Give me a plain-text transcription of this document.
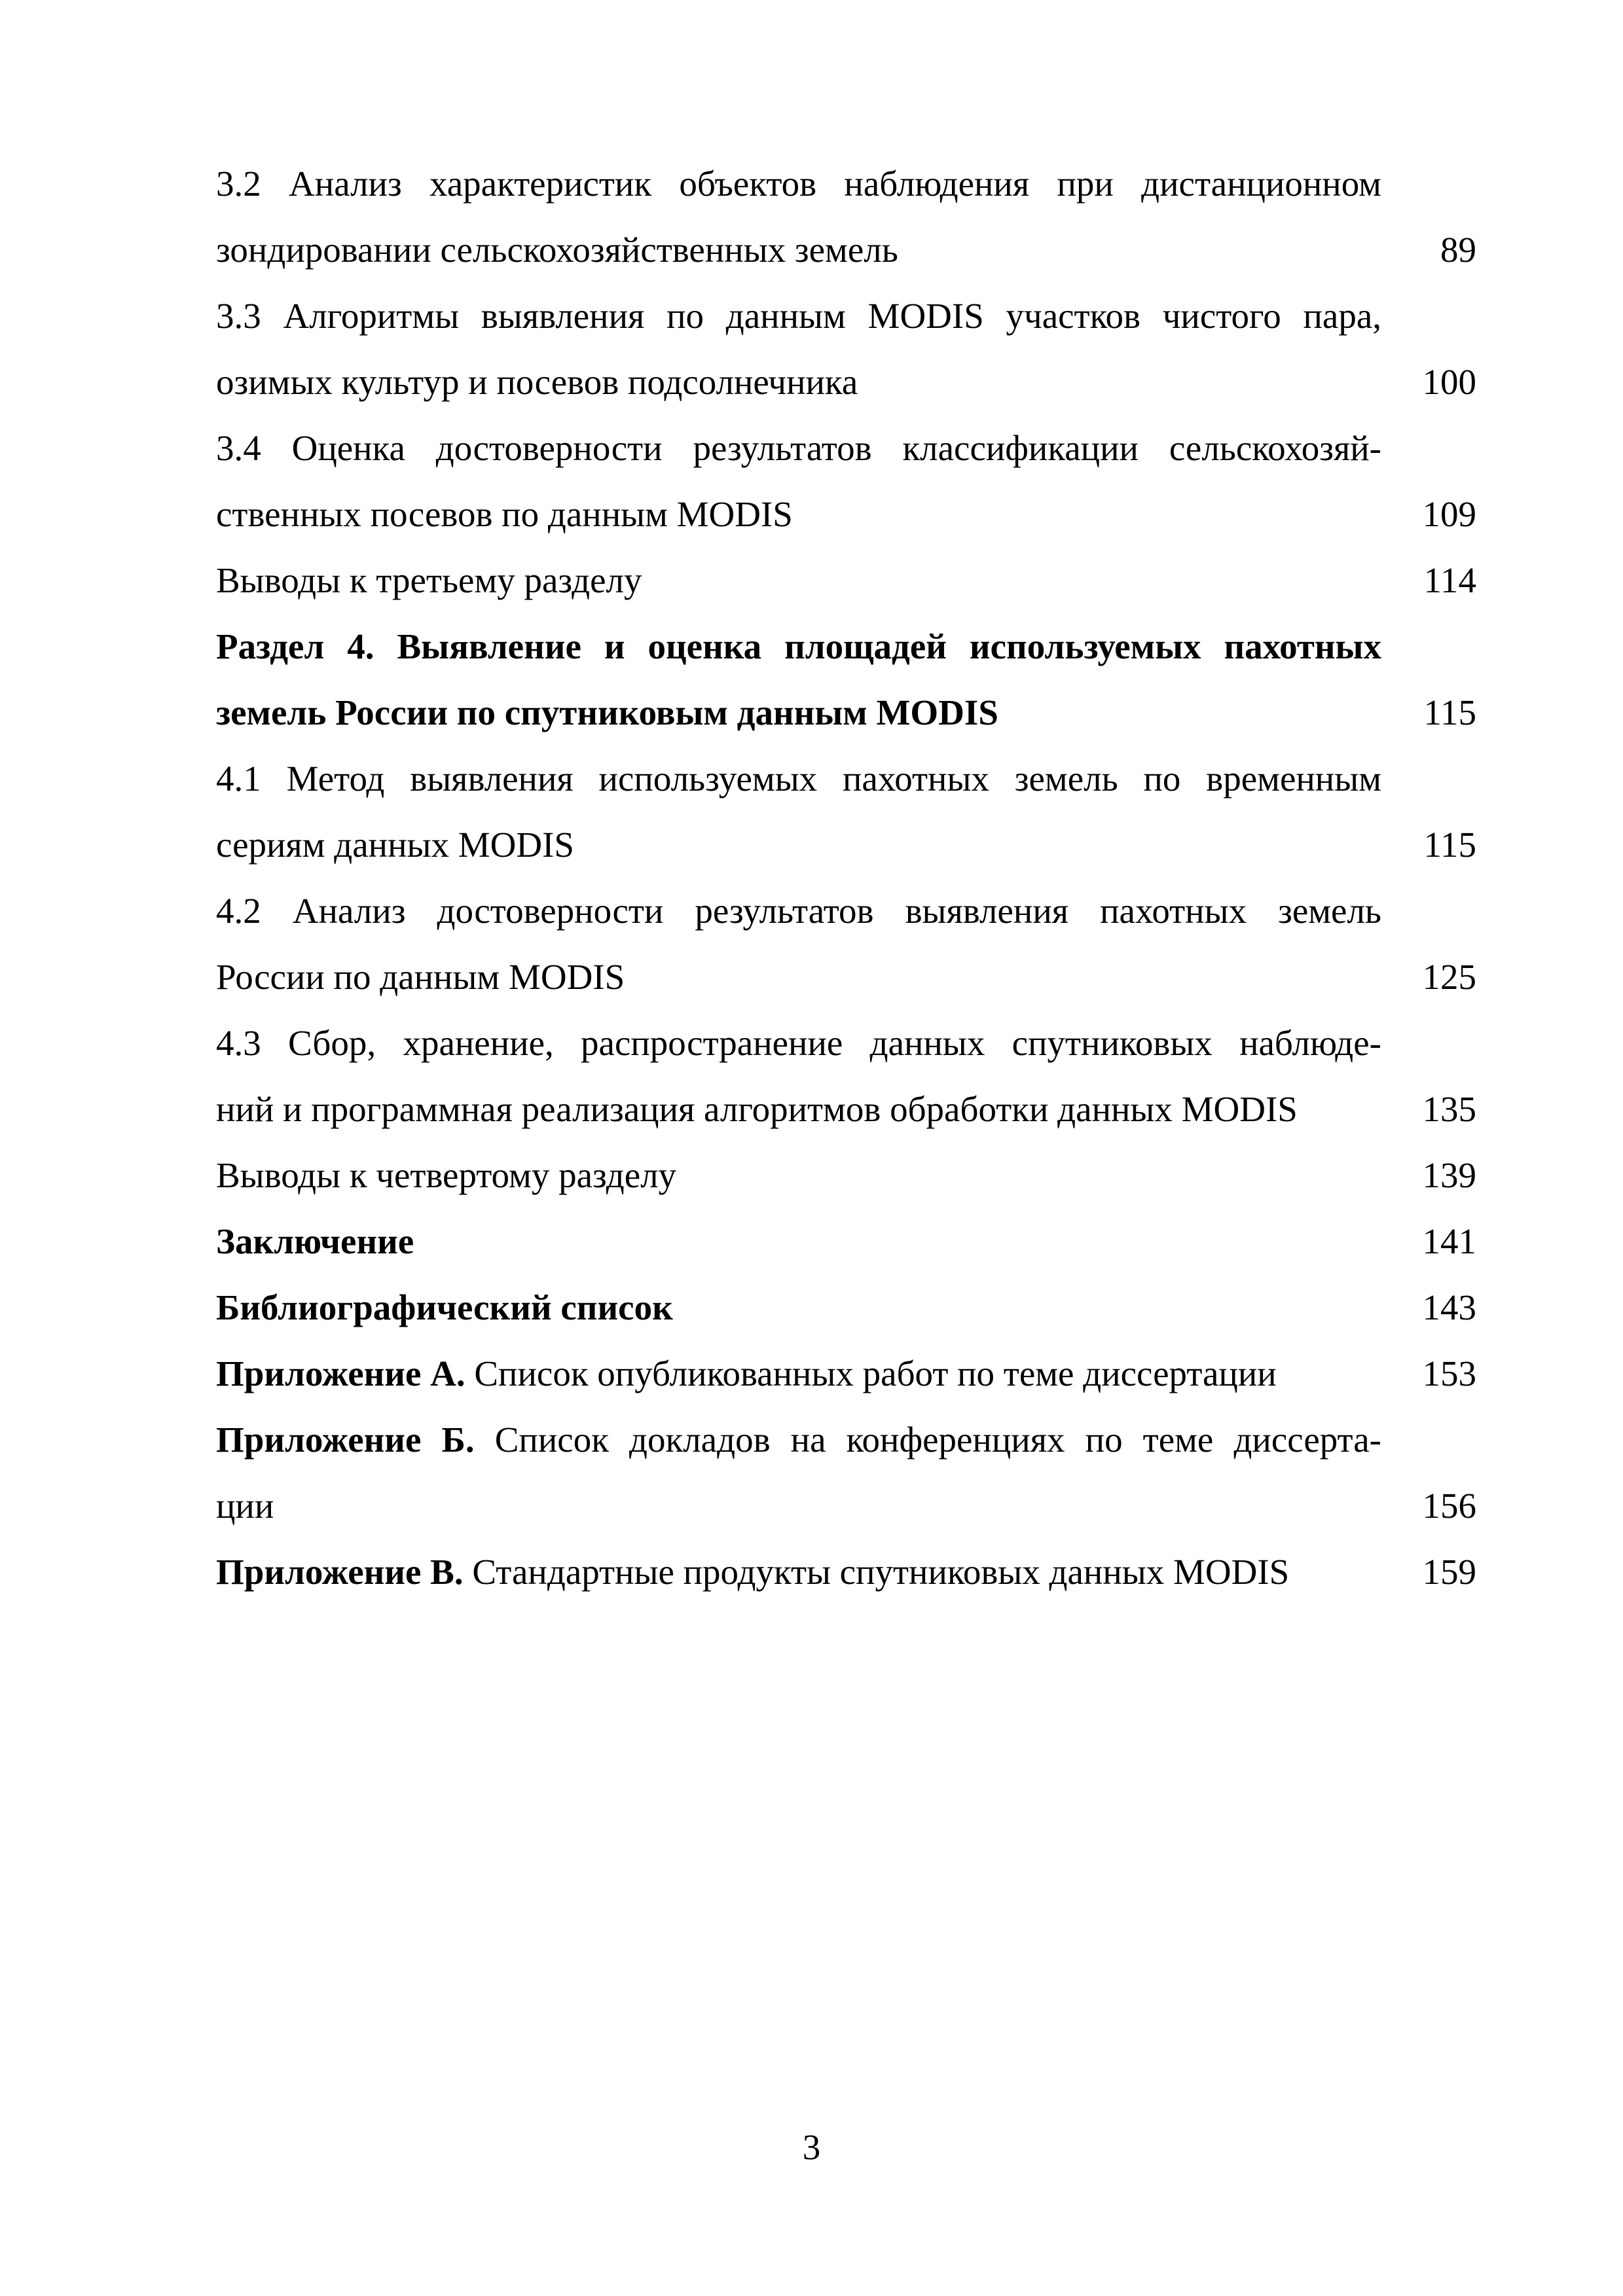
3.2 Анализ характеристик объектов наблюдения при дистанционном
зондировании сельскохозяйственных земель	89
3.3 Алгоритмы выявления по данным MODIS участков чистого пара,
озимых культур и посевов подсолнечника	100
3.4 Оценка достоверности результатов классификации сельскохозяй-
ственных посевов по данным MODIS	109
Выводы к третьему разделу	114
Раздел 4. Выявление и оценка площадей используемых пахотных
земель России по спутниковым данным MODIS	115
4.1 Метод выявления используемых пахотных земель по временным
сериям данных MODIS	115
4.2 Анализ достоверности результатов выявления пахотных земель
России по данным MODIS	125
4.3 Сбор, хранение, распространение данных спутниковых наблюде-
ний и программная реализация алгоритмов обработки данных MODIS	135
Выводы к четвертому разделу	139
Заключение	141
Библиографический список	143
Приложение А. Список опубликованных работ по теме диссертации	153
Приложение Б. Список докладов на конференциях по теме диссерта-
ции	156
Приложение В. Стандартные продукты спутниковых данных MODIS	159
3
